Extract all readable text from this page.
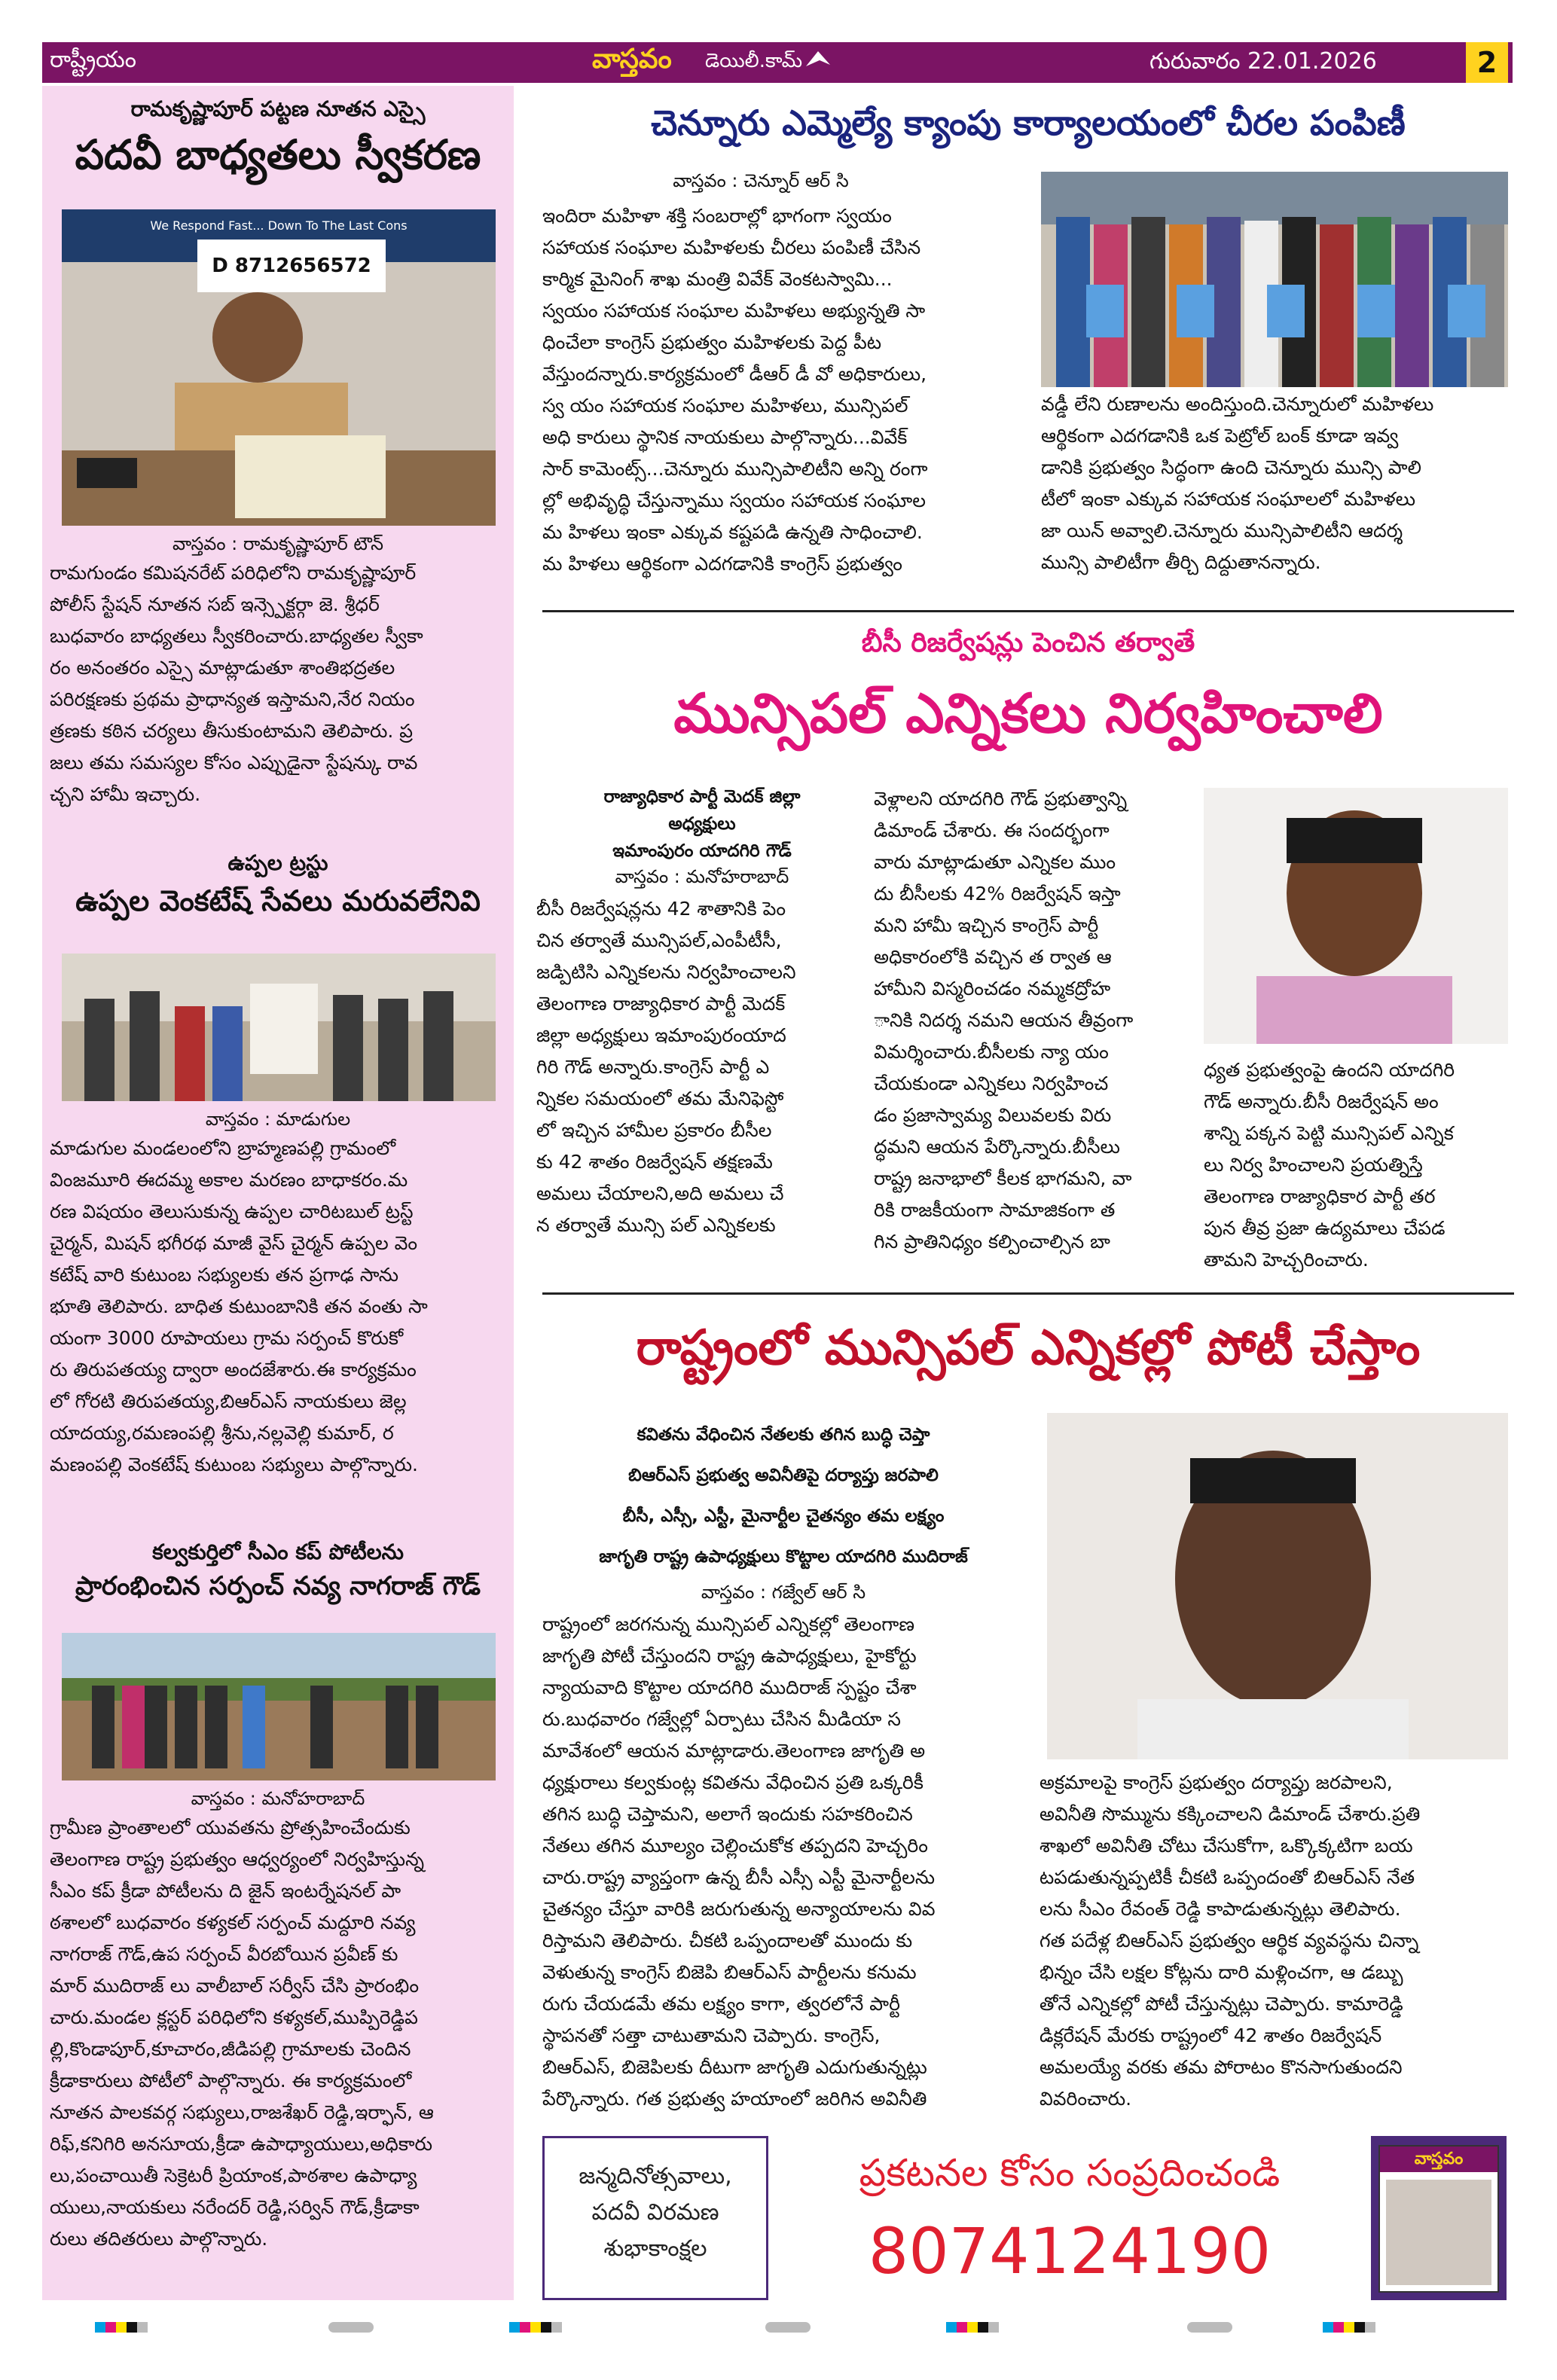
రాష్ట్రీయం	వాస్తవం డెయిలీ.కామ్	గురువారం 22.01.2026	2
రామకృష్ణాపూర్ పట్టణ నూతన ఎస్సై
పదవీ బాధ్యతలు స్వీకరణ
We Respond Fast... Down To The Last Cons
D 8712656572
వాస్తవం : రామకృష్ణాపూర్ టౌన్
రామగుండం కమిషనరేట్ పరిధిలోని రామకృష్ణాపూర్
పోలీస్ స్టేషన్ నూతన సబ్ ఇన్స్పెక్టర్గా జె. శ్రీధర్
బుధవారం బాధ్యతలు స్వీకరించారు.బాధ్యతల స్వీకా
రం అనంతరం ఎస్సై మాట్లాడుతూ శాంతిభద్రతల
పరిరక్షణకు ప్రథమ ప్రాధాన్యత ఇస్తామని,నేర నియం
త్రణకు కఠిన చర్యలు తీసుకుంటామని తెలిపారు. ప్ర
జలు తమ సమస్యల కోసం ఎప్పుడైనా స్టేషన్కు రావ
చ్చని హామీ ఇచ్చారు.
ఉప్పల ట్రస్టు
ఉప్పల వెంకటేష్ సేవలు మరువలేనివి
వాస్తవం : మాడుగుల
మాడుగుల మండలంలోని బ్రాహ్మణపల్లి గ్రామంలో
వింజమూరి ఈదమ్మ అకాల మరణం బాధాకరం.మ
రణ విషయం తెలుసుకున్న ఉప్పల చారిటబుల్ ట్రస్ట్
చైర్మన్, మిషన్ భగీరథ మాజీ వైస్ చైర్మన్ ఉప్పల వెం
కటేష్ వారి కుటుంబ సభ్యులకు తన ప్రగాఢ సాను
భూతి తెలిపారు. బాధిత కుటుంబానికి తన వంతు సా
యంగా 3000 రూపాయలు గ్రామ సర్పంచ్ కొరుకో
రు తిరుపతయ్య ద్వారా అందజేశారు.ఈ కార్యక్రమం
లో గోరటి తిరుపతయ్య,బిఆర్ఎస్ నాయకులు జెల్ల
యాదయ్య,రమణంపల్లి శ్రీను,నల్లవెల్లి కుమార్, ర
మణంపల్లి వెంకటేష్ కుటుంబ సభ్యులు పాల్గొన్నారు.
కల్వకుర్తిలో సీఎం కప్ పోటీలను
ప్రారంభించిన సర్పంచ్ నవ్య నాగరాజ్ గౌడ్
వాస్తవం : మనోహరాబాద్
గ్రామీణ ప్రాంతాలలో యువతను ప్రోత్సహించేందుకు
తెలంగాణ రాష్ట్ర ప్రభుత్వం ఆధ్వర్యంలో నిర్వహిస్తున్న
సీఎం కప్ క్రీడా పోటీలను ది జైన్ ఇంటర్నేషనల్ పా
ఠశాలలో బుధవారం కళ్యకల్ సర్పంచ్ మద్దూరి నవ్య
నాగరాజ్ గౌడ్,ఉప సర్పంచ్ వీరబోయిన ప్రవీణ్ కు
మార్ ముదిరాజ్ లు వాలీబాల్ సర్వీస్ చేసి ప్రారంభిం
చారు.మండల క్లస్టర్ పరిధిలోని కళ్యకల్,ముప్పిరెడ్డిప
ల్లి,కొండాపూర్,కూచారం,జీడిపల్లి గ్రామాలకు చెందిన
క్రీడాకారులు పోటీలో పాల్గొన్నారు. ఈ కార్యక్రమంలో
నూతన పాలకవర్గ సభ్యులు,రాజశేఖర్ రెడ్డి,ఇర్ఫాన్, ఆ
రిఫ్,కనిగిరి అనసూయ,క్రీడా ఉపాధ్యాయులు,అధికారు
లు,పంచాయితీ సెక్రెటరీ ప్రియాంక,పాఠశాల ఉపాధ్యా
యులు,నాయకులు నరేందర్ రెడ్డి,సర్విన్ గౌడ్,క్రీడాకా
రులు తదితరులు పాల్గొన్నారు.
చెన్నూరు ఎమ్మెల్యే క్యాంపు కార్యాలయంలో చీరల పంపిణీ
వాస్తవం : చెన్నూర్ ఆర్ సి
ఇందిరా మహిళా శక్తి సంబరాల్లో భాగంగా స్వయం
సహాయక సంఘాల మహిళలకు చీరలు పంపిణీ చేసిన
కార్మిక మైనింగ్ శాఖ మంత్రి వివేక్ వెంకటస్వామి...
స్వయం సహాయక సంఘాల మహిళలు అభ్యున్నతి సా
ధించేలా కాంగ్రెస్ ప్రభుత్వం మహిళలకు పెద్ద పీట
వేస్తుందన్నారు.కార్యక్రమంలో డీఆర్ డీ వో అధికారులు,
స్వ యం సహాయక సంఘాల మహిళలు, మున్సిపల్
అధి కారులు స్థానిక నాయకులు పాల్గొన్నారు...వివేక్
సార్ కామెంట్స్...చెన్నూరు మున్సిపాలిటీని అన్ని రంగా
ల్లో అభివృద్ధి చేస్తున్నాము స్వయం సహాయక సంఘాల
మ హిళలు ఇంకా ఎక్కువ కష్టపడి ఉన్నతి సాధించాలి.
మ హిళలు ఆర్థికంగా ఎదగడానికి కాంగ్రెస్ ప్రభుత్వం
వడ్డీ లేని రుణాలను అందిస్తుంది.చెన్నూరులో మహిళలు
ఆర్థికంగా ఎదగడానికి ఒక పెట్రోల్ బంక్ కూడా ఇవ్వ
డానికి ప్రభుత్వం సిద్ధంగా ఉంది చెన్నూరు మున్సి పాలి
టీలో ఇంకా ఎక్కువ సహాయక సంఘాలలో మహిళలు
జా యిన్ అవ్వాలి.చెన్నూరు మున్సిపాలిటీని ఆదర్శ
మున్సి పాలిటీగా తీర్చి దిద్దుతానన్నారు.
బీసీ రిజర్వేషన్లు పెంచిన తర్వాతే
మున్సిపల్ ఎన్నికలు నిర్వహించాలి
రాజ్యాధికార పార్టీ మెదక్ జిల్లా
అధ్యక్షులు
ఇమాంపురం యాదగిరి గౌడ్
వాస్తవం : మనోహరాబాద్
బీసీ రిజర్వేషన్లను 42 శాతానికి పెం
చిన తర్వాతే మున్సిపల్,ఎంపీటీసీ,
జడ్పిటిసి ఎన్నికలను నిర్వహించాలని
తెలంగాణ రాజ్యాధికార పార్టీ మెదక్
జిల్లా అధ్యక్షులు ఇమాంపురంయాద
గిరి గౌడ్ అన్నారు.కాంగ్రెస్ పార్టీ ఎ
న్నికల సమయంలో తమ మేనిఫెస్టో
లో ఇచ్చిన హామీల ప్రకారం బీసీల
కు 42 శాతం రిజర్వేషన్ తక్షణమే
అమలు చేయాలని,అది అమలు చే
న తర్వాతే మున్సి పల్ ఎన్నికలకు
వెళ్లాలని యాదగిరి గౌడ్ ప్రభుత్వాన్ని
డిమాండ్ చేశారు. ఈ సందర్భంగా
వారు మాట్లాడుతూ ఎన్నికల ముం
దు బీసీలకు 42% రిజర్వేషన్ ఇస్తా
మని హామీ ఇచ్చిన కాంగ్రెస్ పార్టీ
అధికారంలోకి వచ్చిన త ర్వాత ఆ
హామీని విస్మరించడం నమ్మకద్రోహ
ానికి నిదర్శ నమని ఆయన తీవ్రంగా
విమర్శించారు.బీసీలకు న్యా యం
చేయకుండా ఎన్నికలు నిర్వహించ
డం ప్రజాస్వామ్య విలువలకు విరు
ద్ధమని ఆయన పేర్కొన్నారు.బీసీలు
రాష్ట్ర జనాభాలో కీలక భాగమని, వా
రికి రాజకీయంగా సామాజికంగా త
గిన ప్రాతినిధ్యం కల్పించాల్సిన బా
ధ్యత ప్రభుత్వంపై ఉందని యాదగిరి
గౌడ్ అన్నారు.బీసీ రిజర్వేషన్ అం
శాన్ని పక్కన పెట్టి మున్సిపల్ ఎన్నిక
లు నిర్వ హించాలని ప్రయత్నిస్తే
తెలంగాణ రాజ్యాధికార పార్టీ తర
పున తీవ్ర ప్రజా ఉద్యమాలు చేపడ
తామని హెచ్చరించారు.
రాష్ట్రంలో మున్సిపల్ ఎన్నికల్లో పోటీ చేస్తాం
కవితను వేధించిన నేతలకు తగిన బుద్ధి చెప్తా
బిఆర్ఎస్ ప్రభుత్వ అవినీతిపై దర్యాప్తు జరపాలి
బీసీ, ఎస్సీ, ఎస్టీ, మైనార్టీల చైతన్యం తమ లక్ష్యం
జాగృతి రాష్ట్ర ఉపాధ్యక్షులు కొట్టాల యాదగిరి ముదిరాజ్
వాస్తవం : గజ్వేల్ ఆర్ సి
రాష్ట్రంలో జరగనున్న మున్సిపల్ ఎన్నికల్లో తెలంగాణ
జాగృతి పోటీ చేస్తుందని రాష్ట్ర ఉపాధ్యక్షులు, హైకోర్టు
న్యాయవాది కొట్టాల యాదగిరి ముదిరాజ్ స్పష్టం చేశా
రు.బుధవారం గజ్వేల్లో ఏర్పాటు చేసిన మీడియా స
మావేశంలో ఆయన మాట్లాడారు.తెలంగాణ జాగృతి అ
ధ్యక్షురాలు కల్వకుంట్ల కవితను వేధించిన ప్రతి ఒక్కరికీ
తగిన బుద్ధి చెప్తామని, అలాగే ఇందుకు సహకరించిన
నేతలు తగిన మూల్యం చెల్లించుకోక తప్పదని హెచ్చరిం
చారు.రాష్ట్ర వ్యాప్తంగా ఉన్న బీసీ ఎస్సీ ఎస్టీ మైనార్టీలను
చైతన్యం చేస్తూ వారికి జరుగుతున్న అన్యాయాలను వివ
రిస్తామని తెలిపారు. చీకటి ఒప్పందాలతో ముందు కు
వెళుతున్న కాంగ్రెస్ బిజెపి బిఆర్ఎస్ పార్టీలను కనుమ
రుగు చేయడమే తమ లక్ష్యం కాగా, త్వరలోనే పార్టీ
స్థాపనతో సత్తా చాటుతామని చెప్పారు. కాంగ్రెస్,
బిఆర్ఎస్, బిజెపిలకు దీటుగా జాగృతి ఎదుగుతున్నట్లు
పేర్కొన్నారు. గత ప్రభుత్వ హయాంలో జరిగిన అవినీతి
అక్రమాలపై కాంగ్రెస్ ప్రభుత్వం దర్యాప్తు జరపాలని,
అవినీతి సొమ్మును కక్కించాలని డిమాండ్ చేశారు.ప్రతి
శాఖలో అవినీతి చోటు చేసుకోగా, ఒక్కొక్కటిగా బయ
టపడుతున్నప్పటికీ చీకటి ఒప్పందంతో బిఆర్ఎస్ నేత
లను సీఎం రేవంత్ రెడ్డి కాపాడుతున్నట్లు తెలిపారు.
గత పదేళ్ల బిఆర్ఎస్ ప్రభుత్వం ఆర్థిక వ్యవస్థను చిన్నా
భిన్నం చేసి లక్షల కోట్లను దారి మళ్లించగా, ఆ డబ్బు
తోనే ఎన్నికల్లో పోటీ చేస్తున్నట్లు చెప్పారు. కామారెడ్డి
డిక్లరేషన్ మేరకు రాష్ట్రంలో 42 శాతం రిజర్వేషన్
అమలయ్యే వరకు తమ పోరాటం కొనసాగుతుందని
వివరించారు.
జన్మదినోత్సవాలు,
పదవీ విరమణ
శుభాకాంక్షల
ప్రకటనల కోసం సంప్రదించండి
8074124190
వాస్తవం
